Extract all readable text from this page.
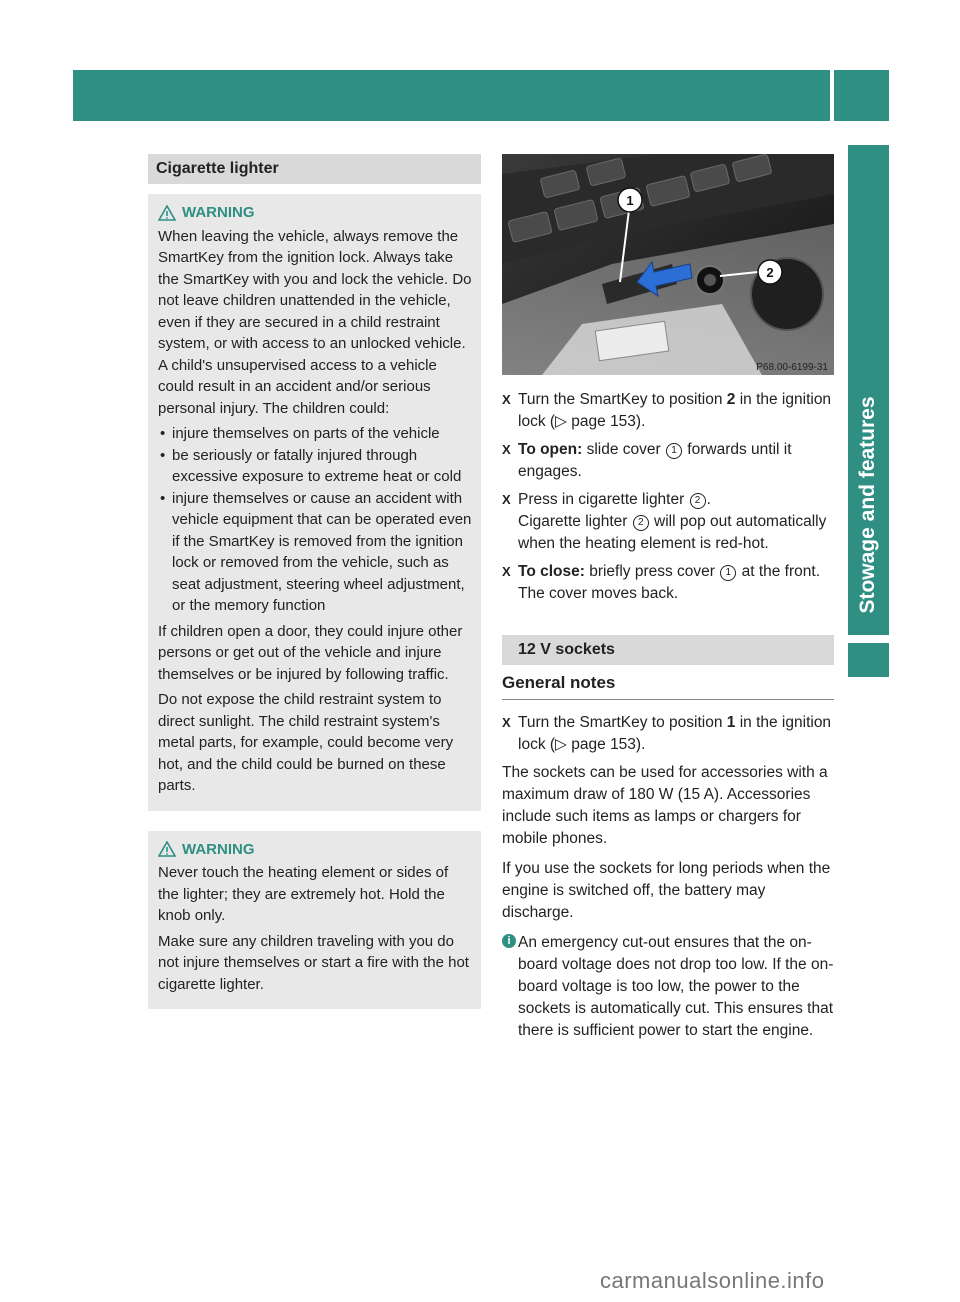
Features 309
Stowage and features
Cigarette lighter
WARNING

When leaving the vehicle, always remove the SmartKey from the ignition lock. Always take the SmartKey with you and lock the vehicle. Do not leave children unattended in the vehicle, even if they are secured in a child restraint system, or with access to an unlocked vehicle. A child's unsupervised access to a vehicle could result in an accident and/or serious personal injury. The children could:

• injure themselves on parts of the vehicle
• be seriously or fatally injured through excessive exposure to extreme heat or cold
• injure themselves or cause an accident with vehicle equipment that can be operated even if the SmartKey is removed from the ignition lock or removed from the vehicle, such as seat adjustment, steering wheel adjustment, or the memory function

If children open a door, they could injure other persons or get out of the vehicle and injure themselves or be injured by following traffic.

Do not expose the child restraint system to direct sunlight. The child restraint system's metal parts, for example, could become very hot, and the child could be burned on these parts.

WARNING

Never touch the heating element or sides of the lighter; they are extremely hot. Hold the knob only.

Make sure any children traveling with you do not injure themselves or start a fire with the hot cigarette lighter.

1
2
P68.00-6199-31
X Turn the SmartKey to position 2 in the ignition lock (▷ page 153).
X To open: slide cover 1 forwards until it engages.
X Press in cigarette lighter 2 .
Cigarette lighter 2 will pop out automatically when the heating element is red-hot.
X To close: briefly press cover 1 at the front.
The cover moves back.
12 V sockets
General notes
X Turn the SmartKey to position 1 in the ignition lock (▷ page 153).

The sockets can be used for accessories with a maximum draw of 180 W (15 A). Accessories include such items as lamps or chargers for mobile phones.

If you use the sockets for long periods when the engine is switched off, the battery may discharge.

i An emergency cut-out ensures that the on-board voltage does not drop too low. If the on-board voltage is too low, the power to the sockets is automatically cut. This ensures that there is sufficient power to start the engine.
carmanualsonline.info
